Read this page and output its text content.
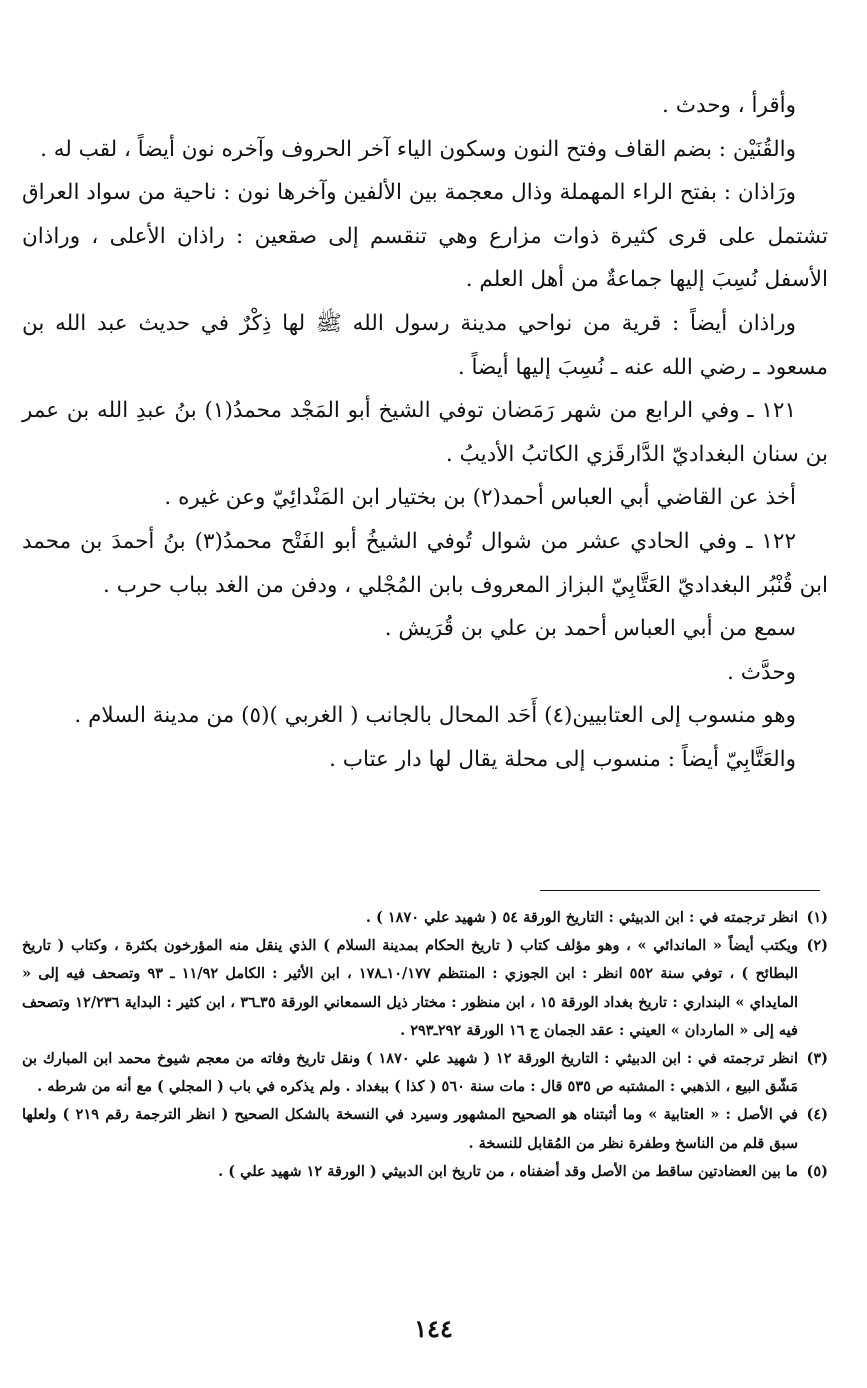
وأقرأ ، وحدث .

والقُنَيْن : بضم القاف وفتح النون وسكون الياء آخر الحروف وآخره نون أيضاً ، لقب له .

ورَاذان : بفتح الراء المهملة وذال معجمة بين الألفين وآخرها نون : ناحية من سواد العراق تشتمل على قرى كثيرة ذوات مزارع وهي تنقسم إلى صقعين : راذان الأعلى ، وراذان الأسفل نُسِبَ إليها جماعةٌ من أهل العلم .

وراذان أيضاً : قرية من نواحي مدينة رسول الله ﷺ لها ذِكْرٌ في حديث عبد الله بن مسعود ـ رضي الله عنه ـ نُسِبَ إليها أيضاً .

١٢١ ـ وفي الرابع من شهر رَمَضان توفي الشيخ أبو المَجْد محمدُ(١) بنُ عبدِ الله بن عمر بن سنان البغداديّ الدَّارقَزي الكاتبُ الأديبُ .

أخذ عن القاضي أبي العباس أحمد(٢) بن بختيار ابن المَنْدائِيّ وعن غيره .

١٢٢ ـ وفي الحادي عشر من شوال تُوفي الشيخُ أبو الفَتْح محمدُ(٣) بنُ أحمدَ بن محمد ابن قُنْبُر البغداديّ العَتَّابِيّ البزاز المعروف بابن المُجْلي ، ودفن من الغد بباب حرب .

سمع من أبي العباس أحمد بن علي بن قُرَيش .

وحدَّث .

وهو منسوب إلى العتابيين(٤) أَحَد المحال بالجانب ( الغربي )(٥) من مدينة السلام .

والعَتَّابِيّ أيضاً : منسوب إلى محلة يقال لها دار عتاب .

(١)
انظر ترجمته في : ابن الدبيثي : التاريخ الورقة ٥٤ ( شهيد علي ١٨٧٠ ) .

(٢)
ويكتب أيضاً « الماندائي » ، وهو مؤلف كتاب ( تاريخ الحكام بمدينة السلام ) الذي ينقل منه المؤرخون بكثرة ، وكتاب ( تاريخ البطائح ) ، توفي سنة ٥٥٢ انظر : ابن الجوزي : المنتظم ١٠/١٧٧ـ١٧٨ ، ابن الأثير : الكامل ١١/٩٢ ـ ٩٣ وتصحف فيه إلى « المايداي » البنداري : تاريخ بغداد الورقة ١٥ ، ابن منظور : مختار ذيل السمعاني الورقة ٣٥ـ٣٦ ، ابن كثير : البداية ١٢/٢٣٦ وتصحف فيه إلى « الماردان » العيني : عقد الجمان ج ١٦ الورقة ٢٩٢ـ٢٩٣ .

(٣)
انظر ترجمته في : ابن الدبيثي : التاريخ الورقة ١٢ ( شهيد علي ١٨٧٠ ) ونقل تاريخ وفاته من معجم شيوخ محمد ابن المبارك بن مَشّق البيع ، الذهبي : المشتبه ص ٥٣٥ قال : مات سنة ٥٦٠ ( كذا ) ببغداد . ولم يذكره في باب ( المجلي ) مع أنه من شرطه .

(٤)
في الأصل : « العتابية » وما أثبتناه هو الصحيح المشهور وسيرد في النسخة بالشكل الصحيح ( انظر الترجمة رقم ٢١٩ ) ولعلها سبق قلم من الناسخ وطفرة نظر من المُقابل للنسخة .

(٥)
ما بين العضادتين ساقط من الأصل وقد أضفناه ، من تاريخ ابن الدبيثي ( الورقة ١٢ شهيد علي ) .

١٤٤
